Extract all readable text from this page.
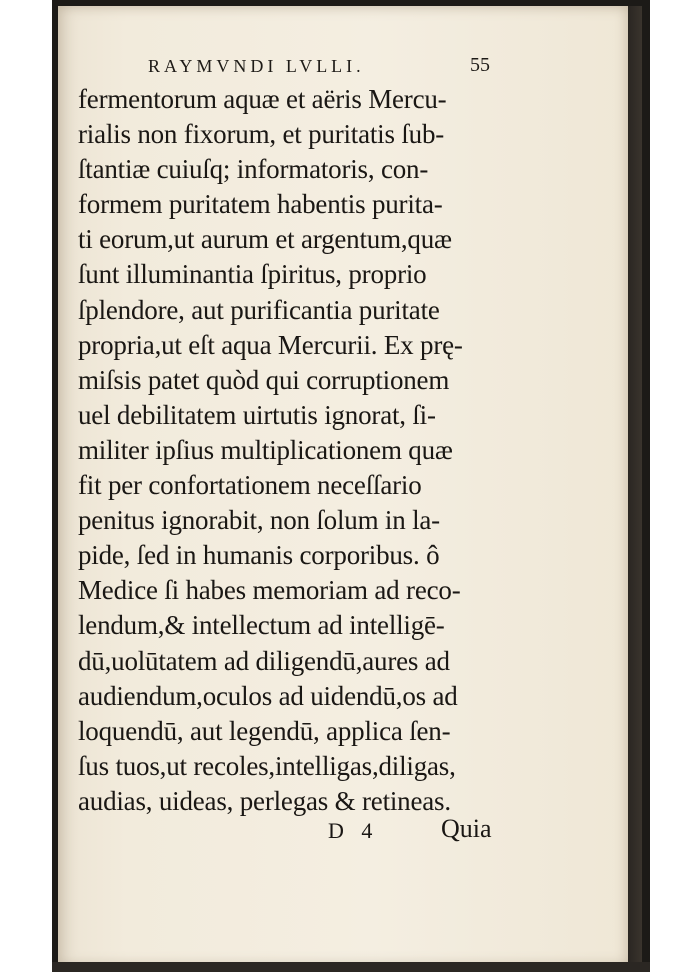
RAYMVNDI LVLLI.	55
fermentorum aquæ et aëris Mercu-
rialis non fixorum, et puritatis ſub-
ſtantiæ cuiuſq; informatoris, con-
formem puritatem habentis purita-
ti eorum,ut aurum et argentum,quæ
ſunt illuminantia ſpiritus, proprio
ſplendore, aut purificantia puritate
propria,ut eſt aqua Mercurii. Ex prę-
miſsis patet quòd qui corruptionem
uel debilitatem uirtutis ignorat, ſi-
militer ipſius multiplicationem quæ
fit per confortationem neceſſario
penitus ignorabit, non ſolum in la-
pide, ſed in humanis corporibus. ô
Medice ſi habes memoriam ad reco-
lendum,& intellectum ad intelligē-
dū,uolūtatem ad diligendū,aures ad
audiendum,oculos ad uidendū,os ad
loquendū, aut legendū, applica ſen-
ſus tuos,ut recoles,intelligas,diligas,
audias, uideas, perlegas & retineas.
D 4 Quia
